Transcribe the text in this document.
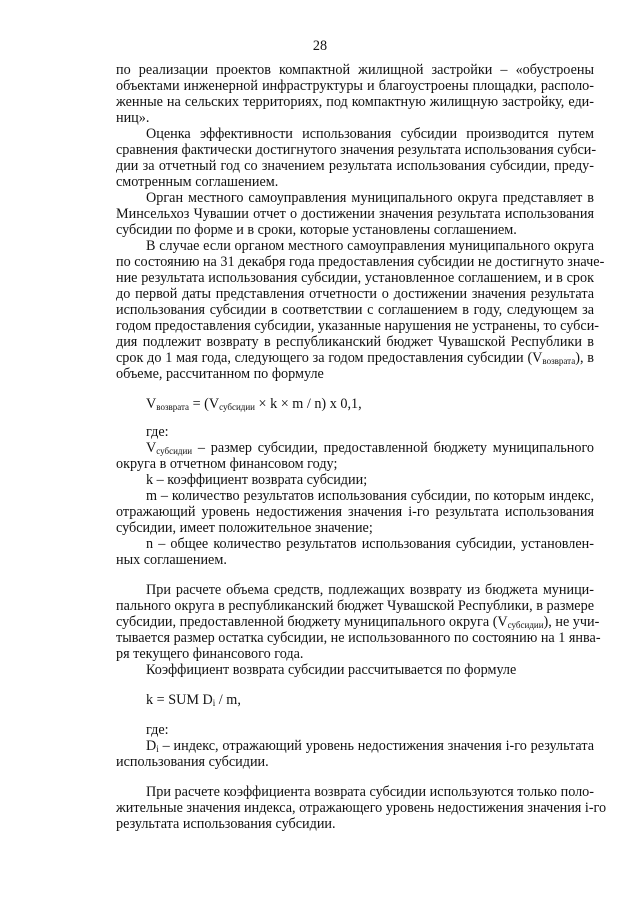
28
по реализации проектов компактной жилищной застройки – «обустроены
объектами инженерной инфраструктуры и благоустроены площадки, располо-
женные на сельских территориях, под компактную жилищную застройку, еди-
ниц».
Оценка эффективности использования субсидии производится путем
сравнения фактически достигнутого значения результата использования субси-
дии за отчетный год со значением результата использования субсидии, преду-
смотренным соглашением.
Орган местного самоуправления муниципального округа представляет в
Минсельхоз Чувашии отчет о достижении значения результата использования
субсидии по форме и в сроки, которые установлены соглашением.
В случае если органом местного самоуправления муниципального округа
по состоянию на 31 декабря года предоставления субсидии не достигнуто значе-
ние результата использования субсидии, установленное соглашением, и в срок
до первой даты представления отчетности о достижении значения результата
использования субсидии в соответствии с соглашением в году, следующем за
годом предоставления субсидии, указанные нарушения не устранены, то субси-
дия подлежит возврату в республиканский бюджет Чувашской Республики в
срок до 1 мая года, следующего за годом предоставления субсидии $(V_{возврата})$, в
объеме, рассчитанном по формуле
$V_{возврата} = (V_{субсидии} \times k \times m / n)$ x 0,1,
где:
$V_{субсидии}$ – размер субсидии, предоставленной бюджету муниципального
округа в отчетном финансовом году;
k – коэффициент возврата субсидии;
m – количество результатов использования субсидии, по которым индекс,
отражающий уровень недостижения значения i-го результата использования
субсидии, имеет положительное значение;
n – общее количество результатов использования субсидии, установлен-
ных соглашением.
При расчете объема средств, подлежащих возврату из бюджета муници-
пального округа в республиканский бюджет Чувашской Республики, в размере
субсидии, предоставленной бюджету муниципального округа $(V_{субсидии})$, не учи-
тывается размер остатка субсидии, не использованного по состоянию на 1 янва-
ря текущего финансового года.
Коэффициент возврата субсидии рассчитывается по формуле
k = SUM $D_i$ / m,
где:
$D_i$ – индекс, отражающий уровень недостижения значения i-го результата
использования субсидии.
При расчете коэффициента возврата субсидии используются только поло-
жительные значения индекса, отражающего уровень недостижения значения i-го
результата использования субсидии.
